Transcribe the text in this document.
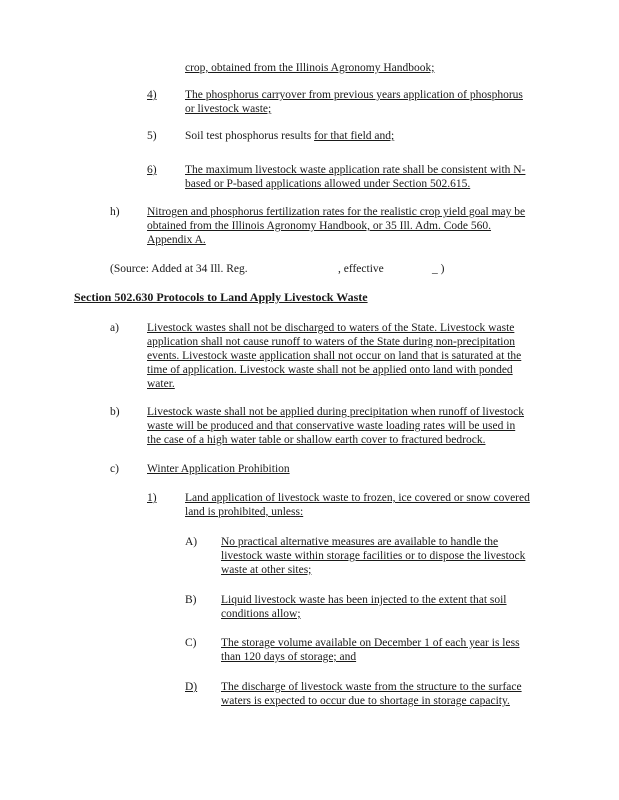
crop, obtained from the Illinois Agronomy Handbook;
4) The phosphorus carryover from previous years application of phosphorus
or livestock waste;
5) Soil test phosphorus results for that field and;
6) The maximum livestock waste application rate shall be consistent with N-
based or P-based applications allowed under Section 502.615.
h) Nitrogen and phosphorus fertilization rates for the realistic crop yield goal may be
obtained from the Illinois Agronomy Handbook, or 35 Ill. Adm. Code 560.
Appendix A.
(Source: Added at 34 Ill. Reg.	, effective	_ )
Section 502.630 Protocols to Land Apply Livestock Waste
a) Livestock wastes shall not be discharged to waters of the State. Livestock waste
application shall not cause runoff to waters of the State during non-precipitation
events. Livestock waste application shall not occur on land that is saturated at the
time of application. Livestock waste shall not be applied onto land with ponded
water.
b) Livestock waste shall not be applied during precipitation when runoff of livestock
waste will be produced and that conservative waste loading rates will be used in
the case of a high water table or shallow earth cover to fractured bedrock.
c) Winter Application Prohibition
1) Land application of livestock waste to frozen, ice covered or snow covered
land is prohibited, unless:
A) No practical alternative measures are available to handle the
livestock waste within storage facilities or to dispose the livestock
waste at other sites;
B) Liquid livestock waste has been injected to the extent that soil
conditions allow;
C) The storage volume available on December 1 of each year is less
than 120 days of storage; and
D) The discharge of livestock waste from the structure to the surface
waters is expected to occur due to shortage in storage capacity.
